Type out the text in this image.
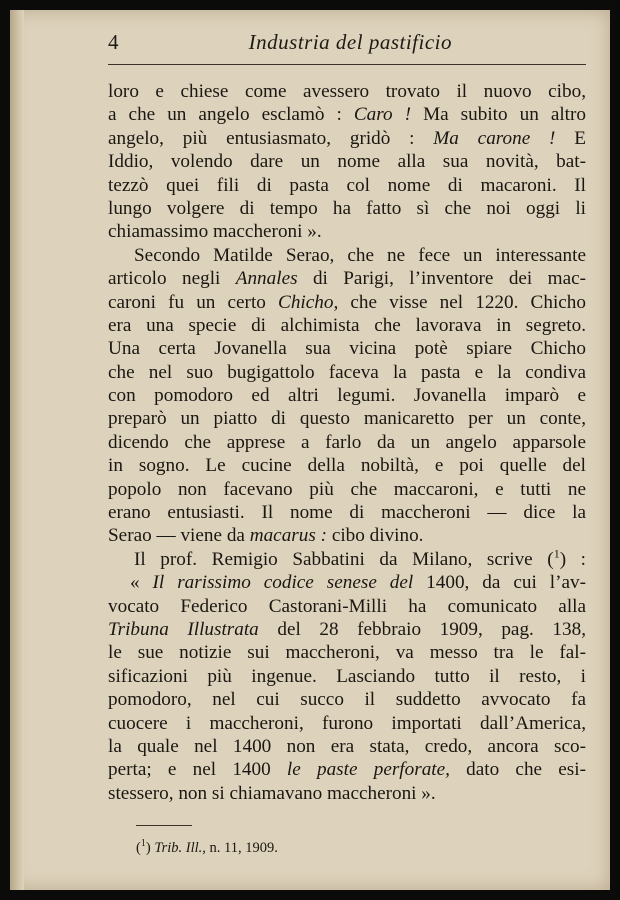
4	Industria del pastificio
loro e chiese come avessero trovato il nuovo cibo,
a che un angelo esclamò : Caro ! Ma subito un altro
angelo, più entusiasmato, gridò : Ma carone ! E
Iddio, volendo dare un nome alla sua novità, bat-
tezzò quei fili di pasta col nome di macaroni. Il
lungo volgere di tempo ha fatto sì che noi oggi li
chiamassimo maccheroni ».
Secondo Matilde Serao, che ne fece un interessante
articolo negli Annales di Parigi, l’inventore dei mac-
caroni fu un certo Chicho, che visse nel 1220. Chicho
era una specie di alchimista che lavorava in segreto.
Una certa Jovanella sua vicina potè spiare Chicho
che nel suo bugigattolo faceva la pasta e la condiva
con pomodoro ed altri legumi. Jovanella imparò e
preparò un piatto di questo manicaretto per un conte,
dicendo che apprese a farlo da un angelo apparsole
in sogno. Le cucine della nobiltà, e poi quelle del
popolo non facevano più che maccaroni, e tutti ne
erano entusiasti. Il nome di maccheroni — dice la
Serao — viene da macarus : cibo divino.
Il prof. Remigio Sabbatini da Milano, scrive ($^1$) :
« Il rarissimo codice senese del 1400, da cui l’av-
vocato Federico Castorani-Milli ha comunicato alla
Tribuna Illustrata del 28 febbraio 1909, pag. 138,
le sue notizie sui maccheroni, va messo tra le fal-
sificazioni più ingenue. Lasciando tutto il resto, i
pomodoro, nel cui succo il suddetto avvocato fa
cuocere i maccheroni, furono importati dall’America,
la quale nel 1400 non era stata, credo, ancora sco-
perta; e nel 1400 le paste perforate, dato che esi-
stessero, non si chiamavano maccheroni ».
($^1$) Trib. Ill., n. 11, 1909.
